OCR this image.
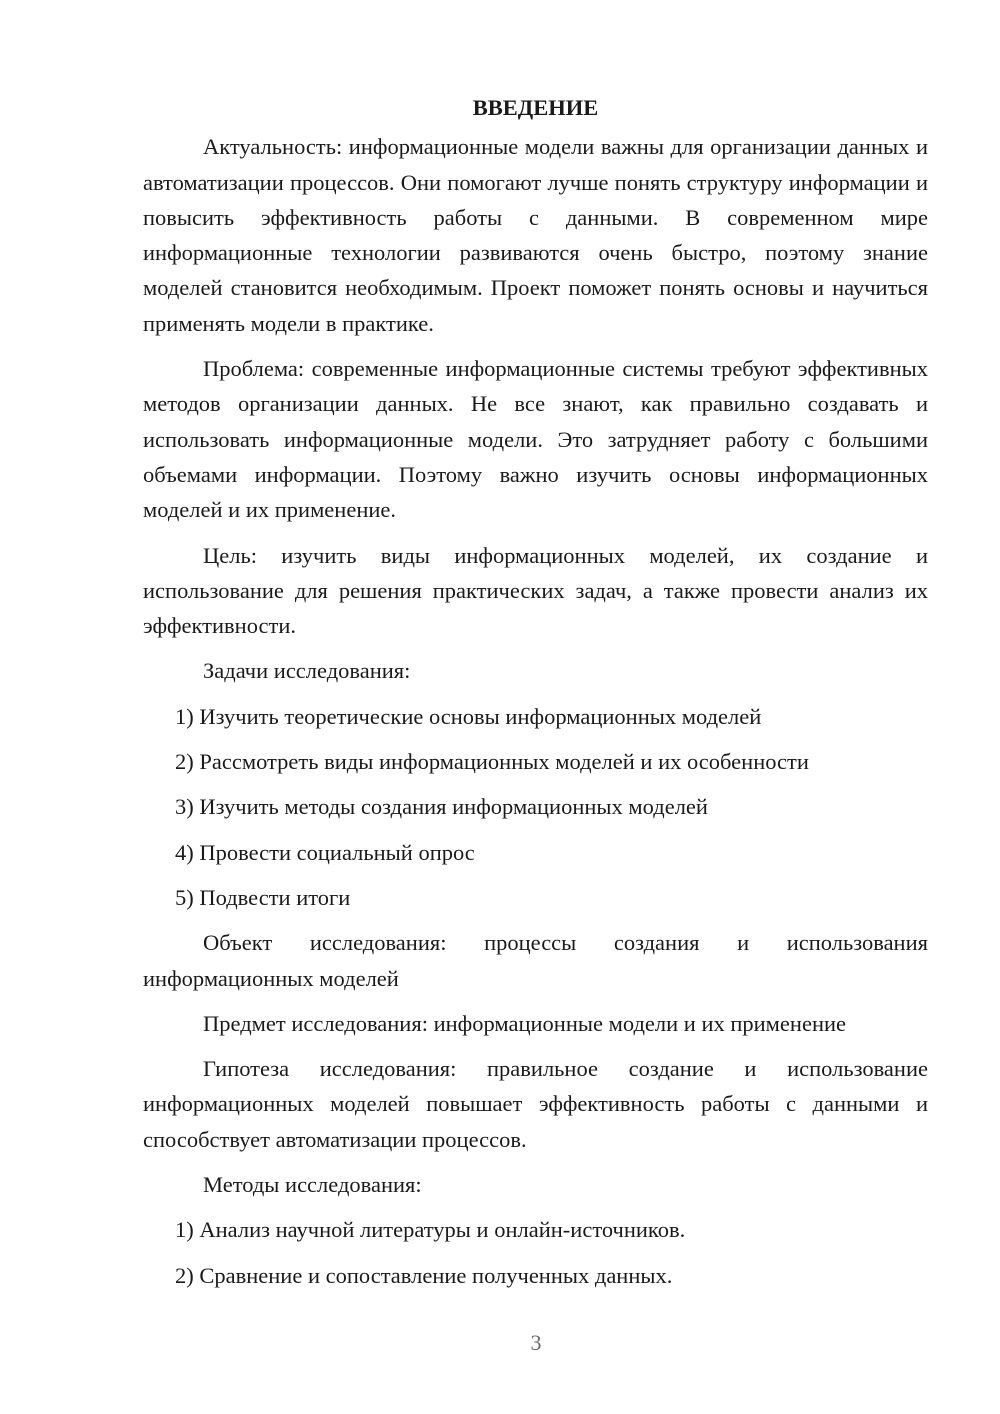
ВВЕДЕНИЕ

Актуальность: информационные модели важны для организации данных и автоматизации процессов. Они помогают лучше понять структуру информации и повысить эффективность работы с данными. В современном мире информационные технологии развиваются очень быстро, поэтому знание моделей становится необходимым. Проект поможет понять основы и научиться применять модели в практике.

Проблема: современные информационные системы требуют эффективных методов организации данных. Не все знают, как правильно создавать и использовать информационные модели. Это затрудняет работу с большими объемами информации. Поэтому важно изучить основы информационных моделей и их применение.

Цель: изучить виды информационных моделей, их создание и использование для решения практических задач, а также провести анализ их эффективности.

Задачи исследования:

1) Изучить теоретические основы информационных моделей
2) Рассмотреть виды информационных моделей и их особенности
3) Изучить методы создания информационных моделей
4) Провести социальный опрос
5) Подвести итоги

Объект исследования: процессы создания и использования информационных моделей

Предмет исследования: информационные модели и их применение

Гипотеза исследования: правильное создание и использование информационных моделей повышает эффективность работы с данными и способствует автоматизации процессов.

Методы исследования:

1) Анализ научной литературы и онлайн-источников.
2) Сравнение и сопоставление полученных данных.
3
